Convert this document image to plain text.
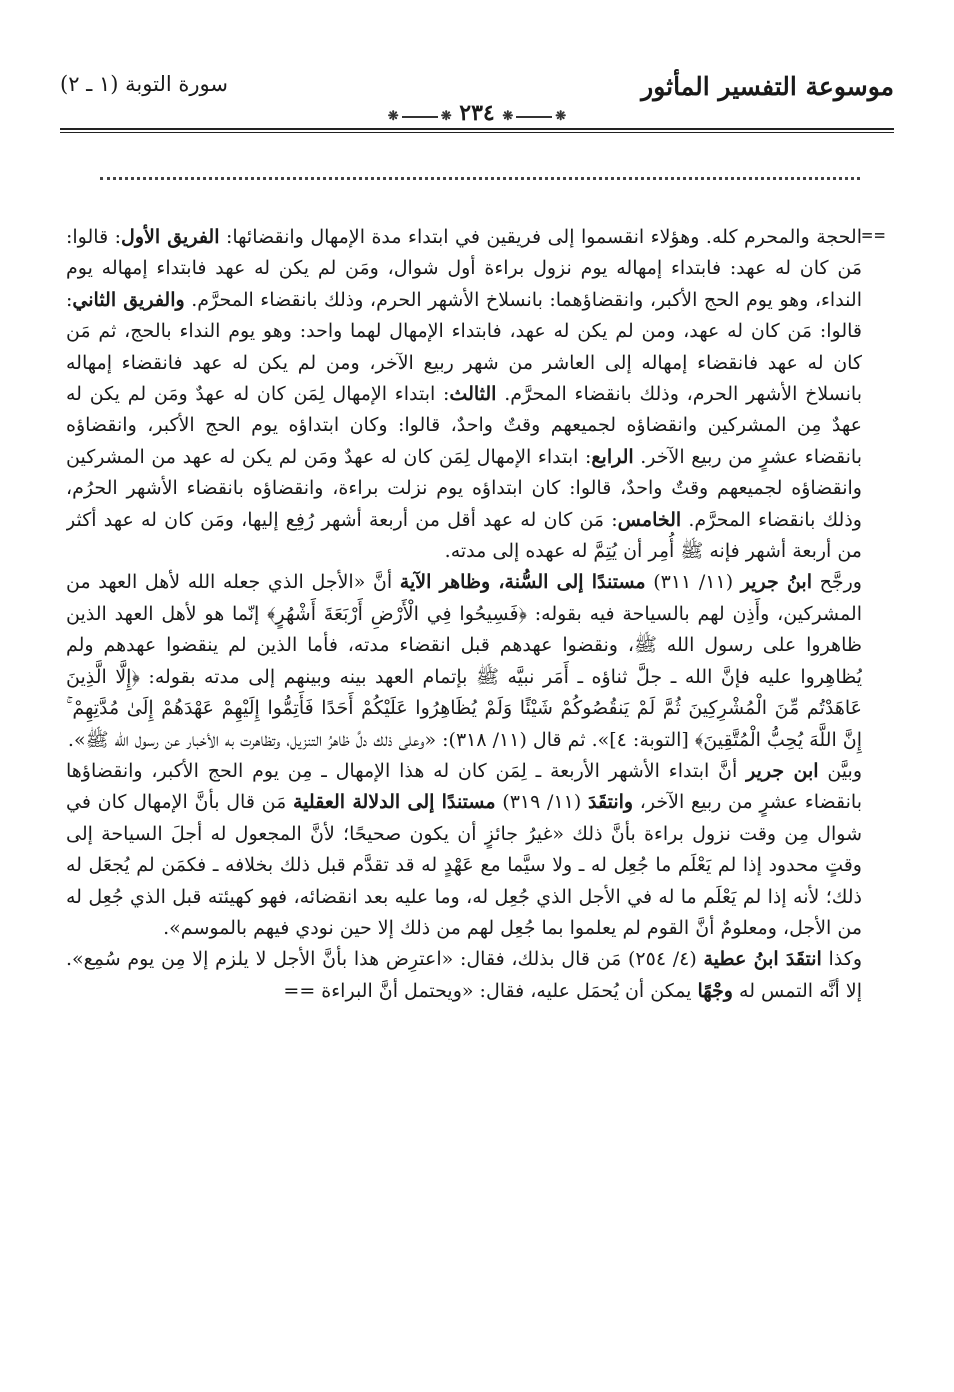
موسوعة التفسير المأثور
سورة التوبة (١ ـ ٢)
❋❋ ٢٣٤ ❋❋
==

الحجة والمحرم كله. وهؤلاء انقسموا إلى فريقين في ابتداء مدة الإمهال وانقضائها: الفريق الأول: قالوا: مَن كان له عهد: فابتداء إمهاله يوم نزول براءة أول شوال، ومَن لم يكن له عهد فابتداء إمهاله يوم النداء، وهو يوم الحج الأكبر، وانقضاؤهما: بانسلاخ الأشهر الحرم، وذلك بانقضاء المحرَّم. والفريق الثاني: قالوا: مَن كان له عهد، ومن لم يكن له عهد، فابتداء الإمهال لهما واحد: وهو يوم النداء بالحج، ثم مَن كان له عهد فانقضاء إمهاله إلى العاشر من شهر ربيع الآخر، ومن لم يكن له عهد فانقضاء إمهاله بانسلاخ الأشهر الحرم، وذلك بانقضاء المحرَّم. الثالث: ابتداء الإمهال لِمَن كان له عهدٌ ومَن لم يكن له عهدٌ مِن المشركين وانقضاؤه لجميعهم وقتٌ واحدٌ، قالوا: وكان ابتداؤه يوم الحج الأكبر، وانقضاؤه بانقضاء عشرٍ من ربيع الآخر. الرابع: ابتداء الإمهال لِمَن كان له عهدٌ ومَن لم يكن له عهد من المشركين وانقضاؤه لجميعهم وقتٌ واحدٌ، قالوا: كان ابتداؤه يوم نزلت براءة، وانقضاؤه بانقضاء الأشهر الحرُم، وذلك بانقضاء المحرَّم. الخامس: مَن كان له عهد أقل من أربعة أشهر رُفِع إليها، ومَن كان له عهد أكثر من أربعة أشهر فإنه ﷺ أُمِر أن يُتِمَّ له عهده إلى مدته.

ورجَّح ابنُ جرير (١١/ ٣١١) مستندًا إلى السُّنة، وظاهر الآية أنَّ «الأجل الذي جعله الله لأهل العهد من المشركين، وأَذِن لهم بالسياحة فيه بقوله: ﴿فَسِيحُوا فِي الْأَرْضِ أَرْبَعَةَ أَشْهُرٍ﴾ إنّما هو لأهل العهد الذين ظاهروا على رسول الله ﷺ، ونقضوا عهدهم قبل انقضاء مدته، فأما الذين لم ينقضوا عهدهم ولم يُظاهِروا عليه فإنَّ الله ـ جلَّ ثناؤه ـ أَمَر نبيَّه ﷺ بإتمام العهد بينه وبينهم إلى مدته بقوله: ﴿إِلَّا الَّذِينَ عَاهَدْتُم مِّنَ الْمُشْرِكِينَ ثُمَّ لَمْ يَنقُصُوكُمْ شَيْئًا وَلَمْ يُظَاهِرُوا عَلَيْكُمْ أَحَدًا فَأَتِمُّوا إِلَيْهِمْ عَهْدَهُمْ إِلَىٰ مُدَّتِهِمْ ۚ إِنَّ اللَّهَ يُحِبُّ الْمُتَّقِينَ﴾ [التوبة: ٤]». ثم قال (١١/ ٣١٨): «وعلى ذلك دلَّ ظاهرُ التنزيل، وتظاهرت به الأخبار عن رسول الله ﷺ».

وبيَّن ابن جرير أنَّ ابتداء الأشهر الأربعة ـ لِمَن كان له هذا الإمهال ـ مِن يوم الحج الأكبر، وانقضاؤها بانقضاء عشرٍ من ربيع الآخر، وانتقَدَ (١١/ ٣١٩) مستندًا إلى الدلالة العقلية مَن قال بأنَّ الإمهال كان في شوال مِن وقت نزول براءة بأنَّ ذلك «غيرُ جائزٍ أن يكون صحيحًا؛ لأنَّ المجعول له أجلَ السياحة إلى وقتٍ محدود إذا لم يَعْلَم ما جُعِل له ـ ولا سيَّما مع عَهْدٍ له قد تقدَّم قبل ذلك بخلافه ـ فكمَن لم يُجعَل له ذلك؛ لأنه إذا لم يَعْلَم ما له في الأجل الذي جُعِل له، وما عليه بعد انقضائه، فهو كهيئته قبل الذي جُعِل له من الأجل، ومعلومٌ أنَّ القوم لم يعلموا بما جُعِل لهم من ذلك إلا حين نودي فيهم بالموسم».

وكذا انتقَدَ ابنُ عطية (٤/ ٢٥٤) مَن قال بذلك، فقال: «اعترِض هذا بأنَّ الأجل لا يلزم إلا مِن يوم سُمِع». إلا أنَّه التمس له وجْهًا يمكن أن يُحمَل عليه، فقال: «ويحتمل أنَّ البراءة ==
